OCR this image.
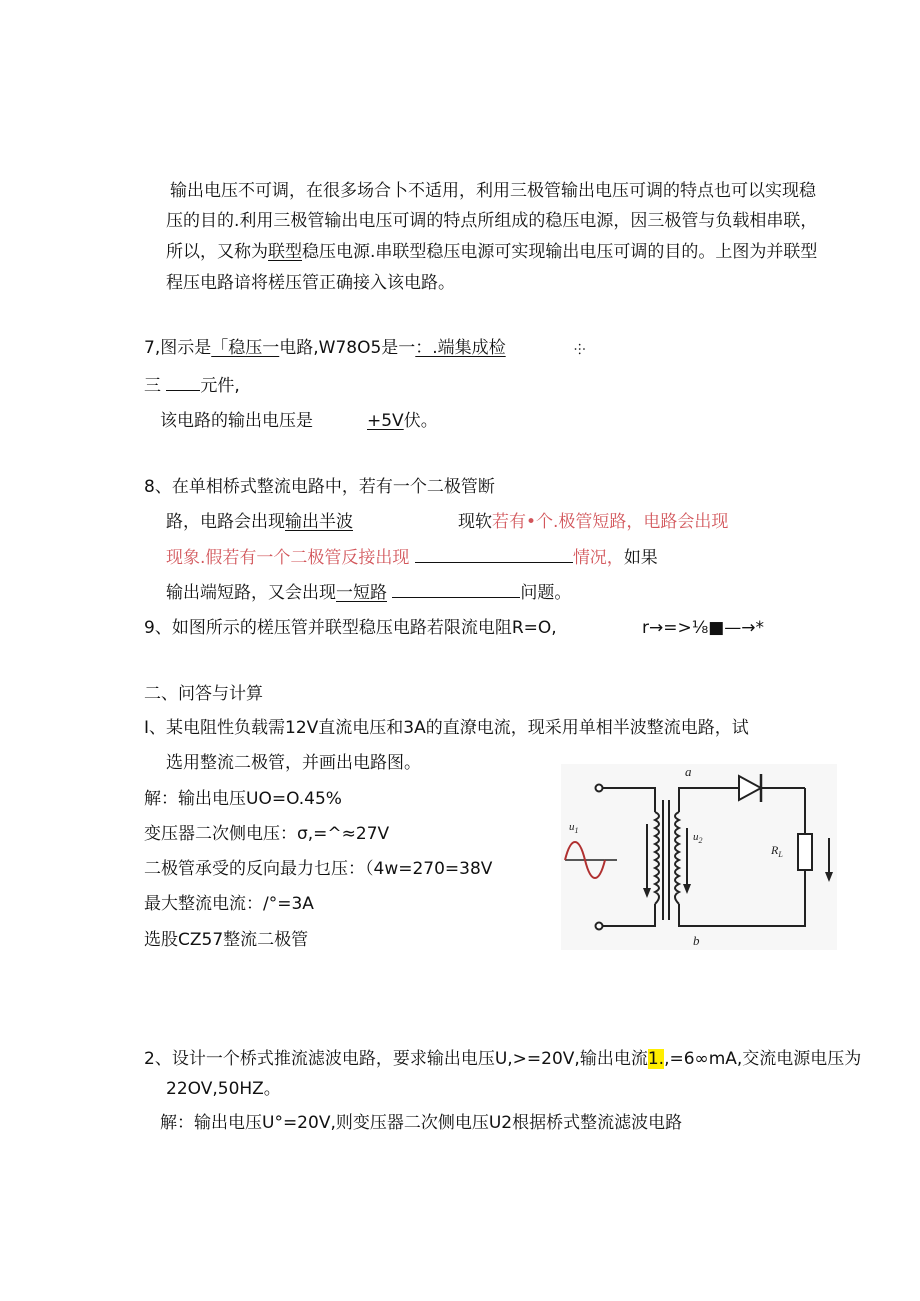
输出电压不可调，在很多场合卜不适用，利用三极管输出电压可调的特点也可以实现稳
压的目的.利用三极管输出电压可调的特点所组成的稳压电源，因三极管与负载相串联，
所以，又称为联型稳压电源.串联型稳压电源可实现输出电压可调的目的。上图为并联型
程压电路谙将槎压管正确接入该电路。
7,图示是「稳压一电路,W78O5是一：.端集成检	⸭
三 元件,
该电路的输出电压是	+5V伏。
8、在单相桥式整流电路中，若有一个二极管断
路，电路会出现输出半波	现软若有•个.极管短路，电路会出现
现象.假若有一个二极管反接出现	情况，如果
输出端短路，又会出现一短路	问题。
9、如图所示的槎压管并联型稳压电路若限流电阻R=O,	r→=>⅛■—→*
二、问答与计算
I、某电阻性负载需12V直流电压和3A的直潦电流，现采用单相半波整流电路，试
选用整流二极管，并画出电路图。
解：输出电压UO=O.45%
变压器二次侧电压：σ,=^≈27V
二极管承受的反向最力乜压：（4w=270=38V
最大整流电流：/°=3A
选股CZ57整流二极管
a
b
$u_1$
$u_2$
$R_L$
2、设计一个桥式推流滤波电路，要求输出电压U,>=20V,输出电流1.,=6∞mA,交流电源电压为
22OV,50HZ。
解：输出电压U°=20V,则变压器二次侧电压U2根据桥式整流滤波电路
